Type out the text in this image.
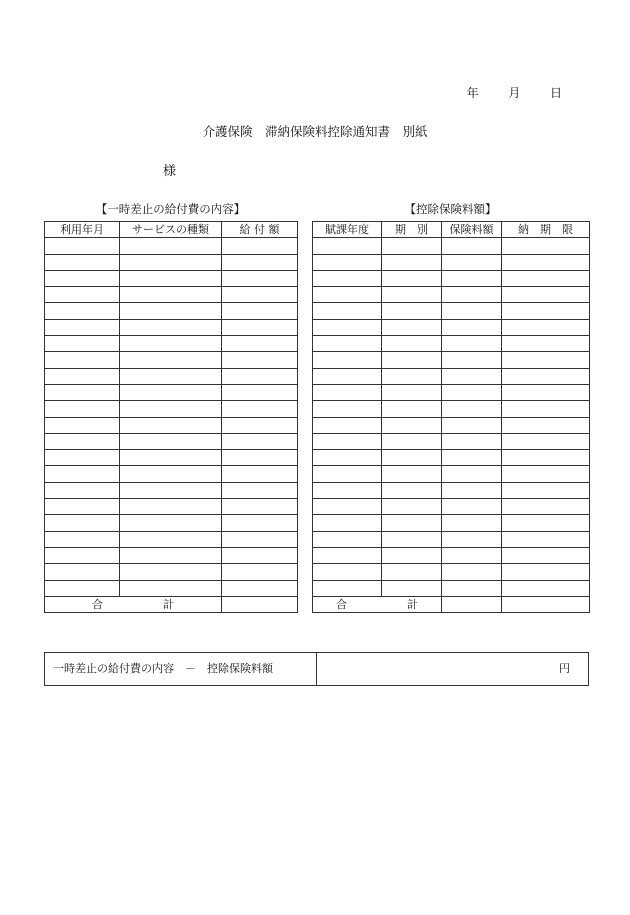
年 月 日
介護保険　滞納保険料控除通知書　別紙
様
【一時差止の給付費の内容】	【控除保険料額】
利用年月	サービスの種類	給 付 額

合 計		
賦課年度	期　別	保険料額	納　期　限

合 計			
一時差止の給付費の内容　－　控除保険料額	円
